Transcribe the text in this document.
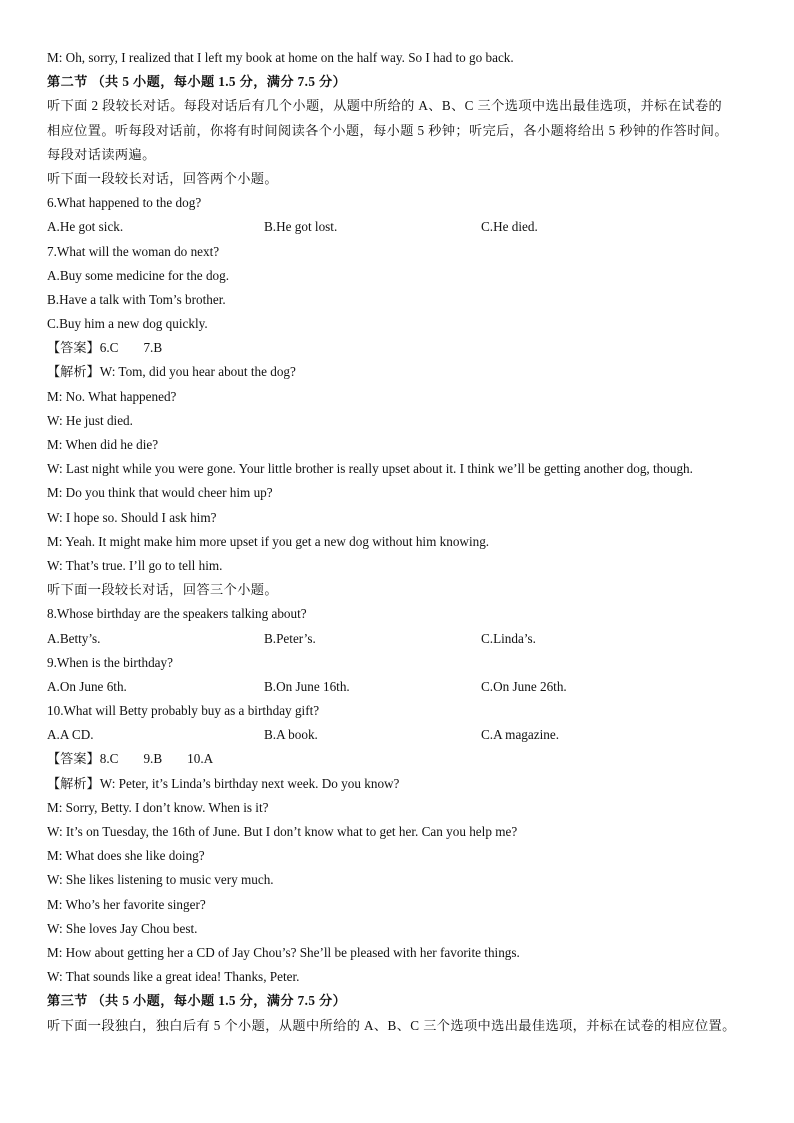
M: Oh, sorry, I realized that I left my book at home on the half way. So I had to go back.
第二节 （共 5 小题，每小题 1.5 分，满分 7.5 分）
听下面 2 段较长对话。每段对话后有几个小题，从题中所给的 A、B、C 三个选项中选出最佳选项，并标在试卷的
相应位置。听每段对话前，你将有时间阅读各个小题，每小题 5 秒钟；听完后，各小题将给出 5 秒钟的作答时间。
每段对话读两遍。
听下面一段较长对话，回答两个小题。
6.What happened to the dog?
A.He got sick.	B.He got lost.	C.He died.
7.What will the woman do next?
A.Buy some medicine for the dog.
B.Have a talk with Tom’s brother.
C.Buy him a new dog quickly.
【答案】6.C 7.B
【解析】W: Tom, did you hear about the dog?
M: No. What happened?
W: He just died.
M: When did he die?
W: Last night while you were gone. Your little brother is really upset about it. I think we’ll be getting another dog, though.
M: Do you think that would cheer him up?
W: I hope so. Should I ask him?
M: Yeah. It might make him more upset if you get a new dog without him knowing.
W: That’s true. I’ll go to tell him.
听下面一段较长对话，回答三个小题。
8.Whose birthday are the speakers talking about?
A.Betty’s.	B.Peter’s.	C.Linda’s.
9.When is the birthday?
A.On June 6th.	B.On June 16th.	C.On June 26th.
10.What will Betty probably buy as a birthday gift?
A.A CD.	B.A book.	C.A magazine.
【答案】8.C 9.B 10.A
【解析】W: Peter, it’s Linda’s birthday next week. Do you know?
M: Sorry, Betty. I don’t know. When is it?
W: It’s on Tuesday, the 16th of June. But I don’t know what to get her. Can you help me?
M: What does she like doing?
W: She likes listening to music very much.
M: Who’s her favorite singer?
W: She loves Jay Chou best.
M: How about getting her a CD of Jay Chou’s? She’ll be pleased with her favorite things.
W: That sounds like a great idea! Thanks, Peter.
第三节 （共 5 小题，每小题 1.5 分，满分 7.5 分）
听下面一段独白，独白后有 5 个小题，从题中所给的 A、B、C 三个选项中选出最佳选项，并标在试卷的相应位置。
